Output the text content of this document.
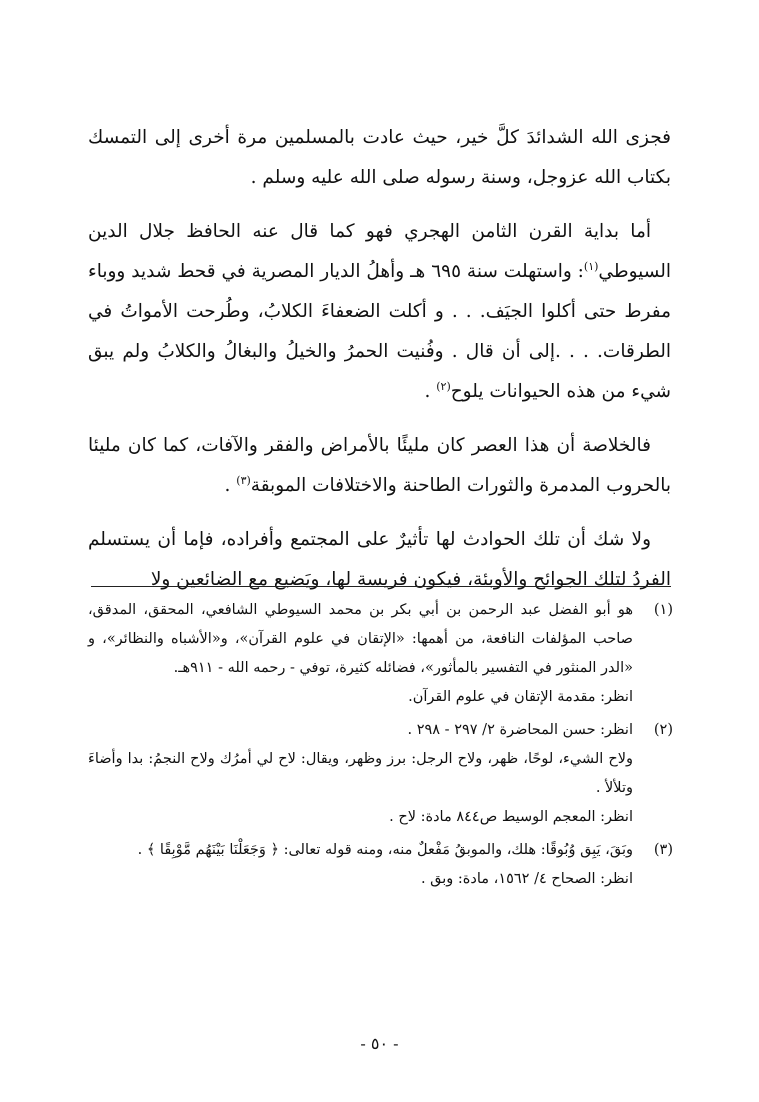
فجزى الله الشدائدَ كلَّ خير، حيث عادت بالمسلمين مرة أخرى إلى التمسك بكتاب الله عزوجل، وسنة رسوله صلى الله عليه وسلم .

أما بداية القرن الثامن الهجري فهو كما قال عنه الحافظ جلال الدين السيوطي$^{(١)}$: واستهلت سنة ٦٩٥ هـ وأهلُ الديار المصرية في قحط شديد ووباء مفرط حتى أكلوا الجيَف. . . و أكلت الضعفاءَ الكلابُ، وطُرحت الأمواتُ في الطرقات. . . .إلى أن قال . وفُنيت الحمرُ والخيلُ والبغالُ والكلابُ ولم يبق شيء من هذه الحيوانات يلوح$^{(٢)}$ .

فالخلاصة أن هذا العصر كان مليئًا بالأمراض والفقر والآفات، كما كان مليئا بالحروب المدمرة والثورات الطاحنة والاختلافات الموبقة$^{(٣)}$ .

ولا شك أن تلك الحوادث لها تأثيرٌ على المجتمع وأفراده، فإما أن يستسلم الفردُ لتلك الجوائح والأوبئة، فيكون فريسة لها، ويَضيع مع الضائعين ولا

(١)

هو أبو الفضل عبد الرحمن بن أبي بكر بن محمد السيوطي الشافعي، المحقق، المدقق، صاحب المؤلفات النافعة، من أهمها: «الإتقان في علوم القرآن»، و«الأشباه والنظائر»، و «الدر المنثور في التفسير بالمأثور»، فضائله كثيرة، توفي - رحمه الله - ٩١١هـ.

انظر: مقدمة الإتقان في علوم القرآن.

(٢)

انظر: حسن المحاضرة ٢/ ٢٩٧ - ٢٩٨ .

ولاح الشيء، لوحًا، ظهر، ولاح الرجل: برز وظهر، ويقال: لاح لي أمرُك ولاح النجمُ: بدا وأضاءَ وتلألأ .

انظر: المعجم الوسيط ص٨٤٤ مادة: لاح .

(٣)

وبَقَ، يَبِق وُبُوقًا: هلك، والموبقُ مَفْعلٌ منه، ومنه قوله تعالى: ﴿ وَجَعَلْنَا بَيْنَهُم مَّوْبِقًا ﴾ .

انظر: الصحاح ٤/ ١٥٦٢، مادة: وبق .

- ٥٠ -
